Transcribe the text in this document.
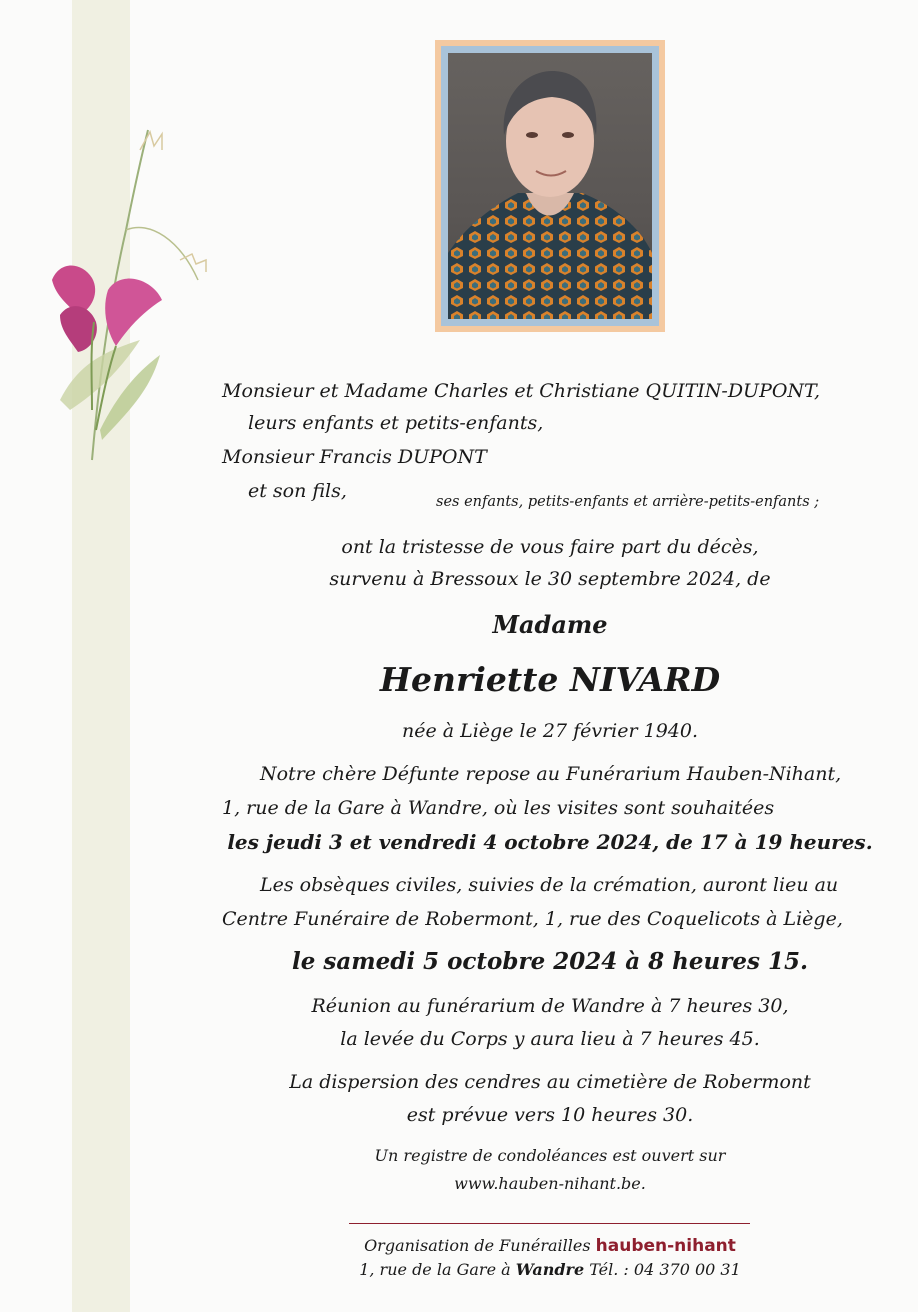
Monsieur et Madame Charles et Christiane QUITIN-DUPONT,
leurs enfants et petits-enfants,
Monsieur Francis DUPONT
et son fils,	ses enfants, petits-enfants et arrière-petits-enfants ;
ont la tristesse de vous faire part du décès,
survenu à Bressoux le 30 septembre 2024, de
Madame
Henriette NIVARD
née à Liège le 27 février 1940.
Notre chère Défunte repose au Funérarium Hauben-Nihant,
1, rue de la Gare à Wandre, où les visites sont souhaitées
les jeudi 3 et vendredi 4 octobre 2024, de 17 à 19 heures.
Les obsèques civiles, suivies de la crémation, auront lieu au
Centre Funéraire de Robermont, 1, rue des Coquelicots à Liège,
le samedi 5 octobre 2024 à 8 heures 15.
Réunion au funérarium de Wandre à 7 heures 30,
la levée du Corps y aura lieu à 7 heures 45.
La dispersion des cendres au cimetière de Robermont
est prévue vers 10 heures 30.
Un registre de condoléances est ouvert sur
www.hauben-nihant.be.
Organisation de Funérailles hauben-nihant
1, rue de la Gare à Wandre Tél. : 04 370 00 31
